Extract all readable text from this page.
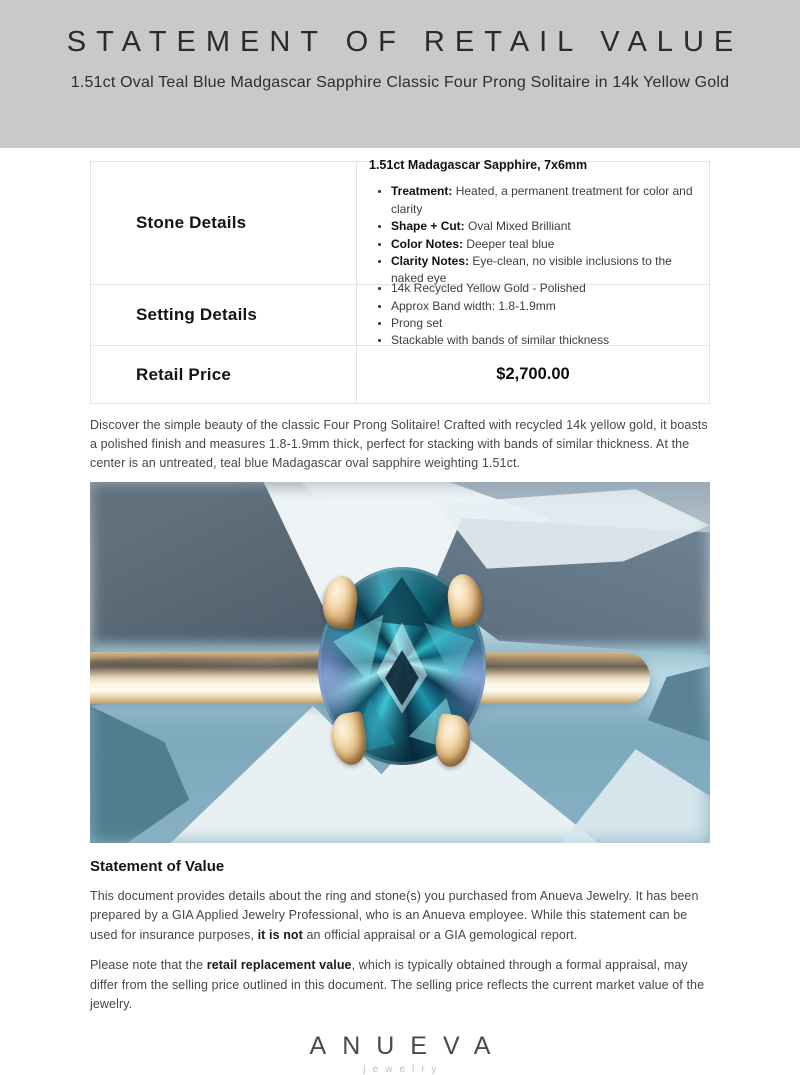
STATEMENT OF RETAIL VALUE

1.51ct Oval Teal Blue Madgascar Sapphire Classic Four Prong Solitaire in 14k Yellow Gold

Stone Details

1.51ct Madagascar Sapphire, 7x6mm

• Treatment: Heated, a permanent treatment for color and clarity
• Shape + Cut: Oval Mixed Brilliant
• Color Notes: Deeper teal blue
• Clarity Notes: Eye-clean, no visible inclusions to the naked eye
Setting Details
• 14k Recycled Yellow Gold - Polished
• Approx Band width: 1.8-1.9mm
• Prong set
• Stackable with bands of similar thickness
Retail Price	$2,700.00

Discover the simple beauty of the classic Four Prong Solitaire! Crafted with recycled 14k yellow gold, it boasts a polished finish and measures 1.8-1.9mm thick, perfect for stacking with bands of similar thickness. At the center is an untreated, teal blue Madagascar oval sapphire weighting 1.51ct.

Statement of Value

This document provides details about the ring and stone(s) you purchased from Anueva Jewelry. It has been prepared by a GIA Applied Jewelry Professional, who is an Anueva employee. While this statement can be used for insurance purposes, it is not an official appraisal or a GIA gemological report.

Please note that the retail replacement value, which is typically obtained through a formal appraisal, may differ from the selling price outlined in this document. The selling price reflects the current market value of the jewelry.

ANUEVA
jewelry
